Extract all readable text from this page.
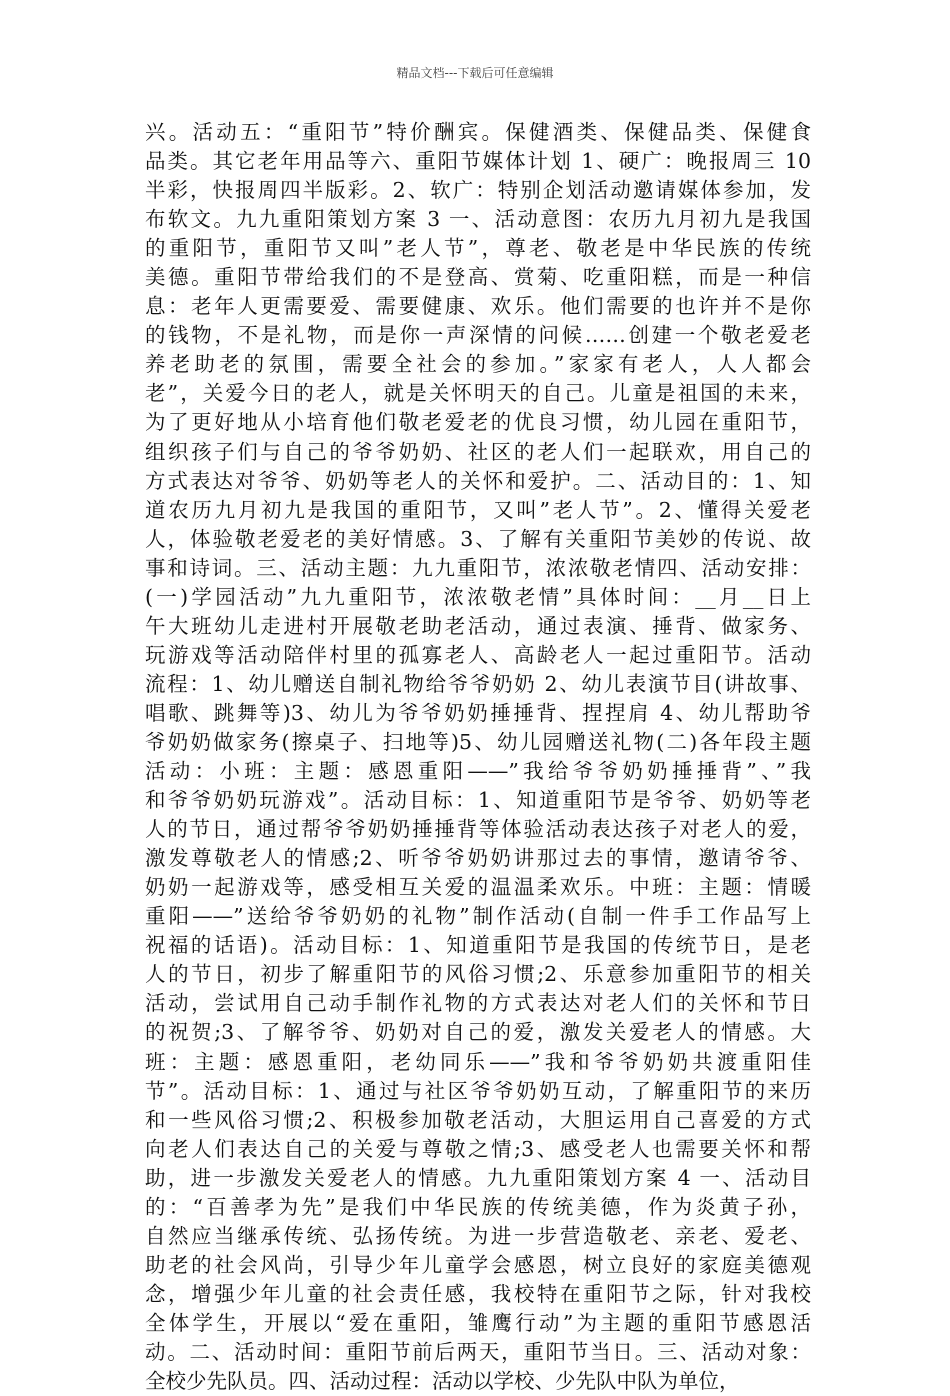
精品文档---下载后可任意编辑
兴。活动五：“重阳节”特价酬宾。保健酒类、保健品类、保健食
品类。其它老年用品等六、重阳节媒体计划 1、硬广：晚报周三 10
半彩，快报周四半版彩。2、软广：特别企划活动邀请媒体参加，发
布软文。九九重阳策划方案 3 一、活动意图：农历九月初九是我国
的重阳节，重阳节又叫”老人节”，尊老、敬老是中华民族的传统
美德。重阳节带给我们的不是登高、赏菊、吃重阳糕，而是一种信
息：老年人更需要爱、需要健康、欢乐。他们需要的也许并不是你
的钱物，不是礼物，而是你一声深情的问候……创建一个敬老爱老
养老助老的氛围，需要全社会的参加。”家家有老人，人人都会
老”，关爱今日的老人，就是关怀明天的自己。儿童是祖国的未来，
为了更好地从小培育他们敬老爱老的优良习惯，幼儿园在重阳节，
组织孩子们与自己的爷爷奶奶、社区的老人们一起联欢，用自己的
方式表达对爷爷、奶奶等老人的关怀和爱护。二、活动目的：1、知
道农历九月初九是我国的重阳节，又叫”老人节”。2、懂得关爱老
人，体验敬老爱老的美好情感。3、了解有关重阳节美妙的传说、故
事和诗词。三、活动主题：九九重阳节，浓浓敬老情四、活动安排：
(一)学园活动”九九重阳节，浓浓敬老情”具体时间：__月__日上
午大班幼儿走进村开展敬老助老活动，通过表演、捶背、做家务、
玩游戏等活动陪伴村里的孤寡老人、高龄老人一起过重阳节。活动
流程：1、幼儿赠送自制礼物给爷爷奶奶 2、幼儿表演节目(讲故事、
唱歌、跳舞等)3、幼儿为爷爷奶奶捶捶背、捏捏肩 4、幼儿帮助爷
爷奶奶做家务(擦桌子、扫地等)5、幼儿园赠送礼物(二)各年段主题
活动：小班：主题：感恩重阳——”我给爷爷奶奶捶捶背”、”我
和爷爷奶奶玩游戏”。活动目标：1、知道重阳节是爷爷、奶奶等老
人的节日，通过帮爷爷奶奶捶捶背等体验活动表达孩子对老人的爱，
激发尊敬老人的情感;2、听爷爷奶奶讲那过去的事情，邀请爷爷、
奶奶一起游戏等，感受相互关爱的温温柔欢乐。中班：主题：情暖
重阳——”送给爷爷奶奶的礼物”制作活动(自制一件手工作品写上
祝福的话语)。活动目标：1、知道重阳节是我国的传统节日，是老
人的节日，初步了解重阳节的风俗习惯;2、乐意参加重阳节的相关
活动，尝试用自己动手制作礼物的方式表达对老人们的关怀和节日
的祝贺;3、了解爷爷、奶奶对自己的爱，激发关爱老人的情感。大
班：主题：感恩重阳，老幼同乐——”我和爷爷奶奶共渡重阳佳
节”。活动目标：1、通过与社区爷爷奶奶互动，了解重阳节的来历
和一些风俗习惯;2、积极参加敬老活动，大胆运用自己喜爱的方式
向老人们表达自己的关爱与尊敬之情;3、感受老人也需要关怀和帮
助，进一步激发关爱老人的情感。九九重阳策划方案 4 一、活动目
的：“百善孝为先”是我们中华民族的传统美德，作为炎黄子孙，
自然应当继承传统、弘扬传统。为进一步营造敬老、亲老、爱老、
助老的社会风尚，引导少年儿童学会感恩，树立良好的家庭美德观
念，增强少年儿童的社会责任感，我校特在重阳节之际，针对我校
全体学生，开展以“爱在重阳，雏鹰行动”为主题的重阳节感恩活
动。二、活动时间：重阳节前后两天，重阳节当日。三、活动对象：
全校少先队员。四、活动过程：活动以学校、少先队中队为单位，
